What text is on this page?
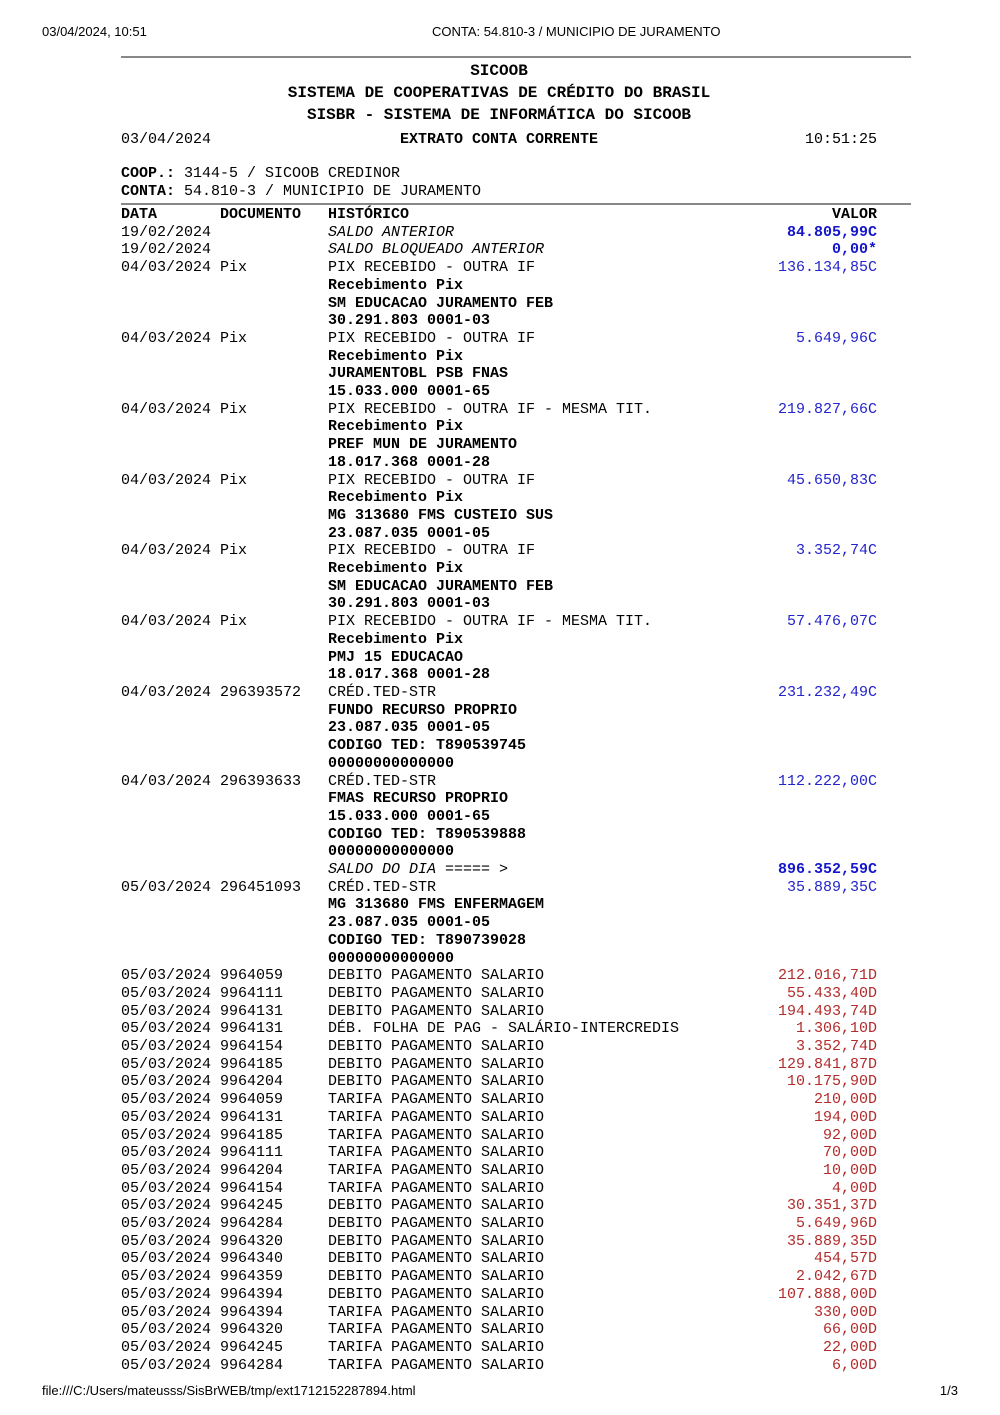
03/04/2024, 10:51	CONTA: 54.810-3 / MUNICIPIO DE JURAMENTO
SICOOB
SISTEMA DE COOPERATIVAS DE CRÉDITO DO BRASIL
SISBR - SISTEMA DE INFORMÁTICA DO SICOOB
03/04/2024	EXTRATO CONTA CORRENTE	10:51:25
COOP.: 3144-5 / SICOOB CREDINOR
CONTA: 54.810-3 / MUNICIPIO DE JURAMENTO
DATA	DOCUMENTO	HISTÓRICO	VALOR
19/02/2024	SALDO ANTERIOR	84.805,99C
19/02/2024	SALDO BLOQUEADO ANTERIOR	0,00*
04/03/2024 Pix	PIX RECEBIDO - OUTRA IF	136.134,85C
Recebimento Pix
SM EDUCACAO JURAMENTO FEB
30.291.803 0001-03
04/03/2024 Pix	PIX RECEBIDO - OUTRA IF	5.649,96C
Recebimento Pix
JURAMENTOBL PSB FNAS
15.033.000 0001-65
04/03/2024 Pix	PIX RECEBIDO - OUTRA IF - MESMA TIT.	219.827,66C
Recebimento Pix
PREF MUN DE JURAMENTO
18.017.368 0001-28
04/03/2024 Pix	PIX RECEBIDO - OUTRA IF	45.650,83C
Recebimento Pix
MG 313680 FMS CUSTEIO SUS
23.087.035 0001-05
04/03/2024 Pix	PIX RECEBIDO - OUTRA IF	3.352,74C
Recebimento Pix
SM EDUCACAO JURAMENTO FEB
30.291.803 0001-03
04/03/2024 Pix	PIX RECEBIDO - OUTRA IF - MESMA TIT.	57.476,07C
Recebimento Pix
PMJ 15 EDUCACAO
18.017.368 0001-28
04/03/2024 296393572	CRÉD.TED-STR	231.232,49C
FUNDO RECURSO PROPRIO
23.087.035 0001-05
CODIGO TED: T890539745
00000000000000
04/03/2024 296393633	CRÉD.TED-STR	112.222,00C
FMAS RECURSO PROPRIO
15.033.000 0001-65
CODIGO TED: T890539888
00000000000000
SALDO DO DIA ===== >	896.352,59C
05/03/2024 296451093	CRÉD.TED-STR	35.889,35C
MG 313680 FMS ENFERMAGEM
23.087.035 0001-05
CODIGO TED: T890739028
00000000000000
05/03/2024 9964059	DEBITO PAGAMENTO SALARIO	212.016,71D
05/03/2024 9964111	DEBITO PAGAMENTO SALARIO	55.433,40D
05/03/2024 9964131	DEBITO PAGAMENTO SALARIO	194.493,74D
05/03/2024 9964131	DÉB. FOLHA DE PAG - SALÁRIO-INTERCREDIS	1.306,10D
05/03/2024 9964154	DEBITO PAGAMENTO SALARIO	3.352,74D
05/03/2024 9964185	DEBITO PAGAMENTO SALARIO	129.841,87D
05/03/2024 9964204	DEBITO PAGAMENTO SALARIO	10.175,90D
05/03/2024 9964059	TARIFA PAGAMENTO SALARIO	210,00D
05/03/2024 9964131	TARIFA PAGAMENTO SALARIO	194,00D
05/03/2024 9964185	TARIFA PAGAMENTO SALARIO	92,00D
05/03/2024 9964111	TARIFA PAGAMENTO SALARIO	70,00D
05/03/2024 9964204	TARIFA PAGAMENTO SALARIO	10,00D
05/03/2024 9964154	TARIFA PAGAMENTO SALARIO	4,00D
05/03/2024 9964245	DEBITO PAGAMENTO SALARIO	30.351,37D
05/03/2024 9964284	DEBITO PAGAMENTO SALARIO	5.649,96D
05/03/2024 9964320	DEBITO PAGAMENTO SALARIO	35.889,35D
05/03/2024 9964340	DEBITO PAGAMENTO SALARIO	454,57D
05/03/2024 9964359	DEBITO PAGAMENTO SALARIO	2.042,67D
05/03/2024 9964394	DEBITO PAGAMENTO SALARIO	107.888,00D
05/03/2024 9964394	TARIFA PAGAMENTO SALARIO	330,00D
05/03/2024 9964320	TARIFA PAGAMENTO SALARIO	66,00D
05/03/2024 9964245	TARIFA PAGAMENTO SALARIO	22,00D
05/03/2024 9964284	TARIFA PAGAMENTO SALARIO	6,00D
file:///C:/Users/mateusss/SisBrWEB/tmp/ext1712152287894.html	1/3
